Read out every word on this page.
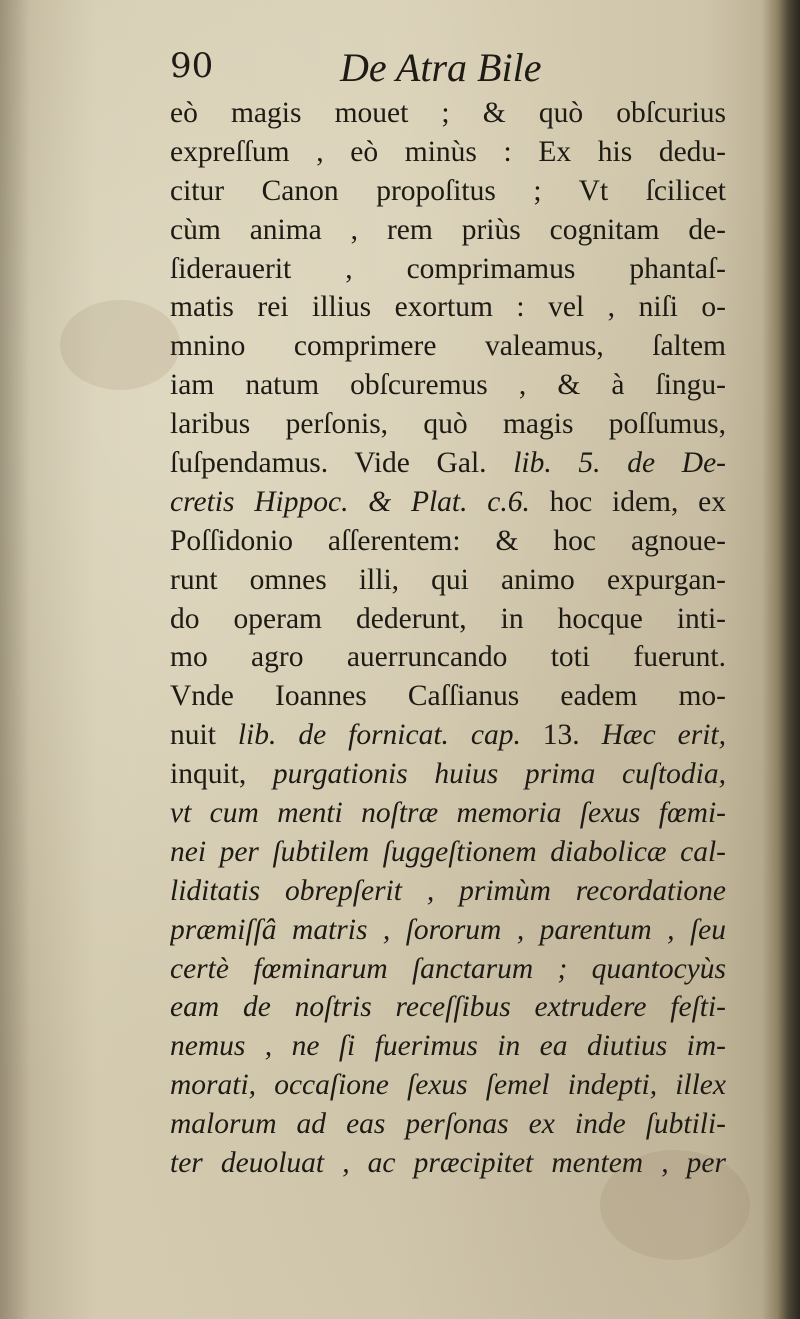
90	De Atra Bile
eò magis mouet ; & quò obſcurius
expreſſum , eò minùs : Ex his dedu-
citur Canon propoſitus ; Vt ſcilicet
cùm anima , rem priùs cognitam de-
ſiderauerit , comprimamus phantaſ-
matis rei illius exortum : vel , niſi o-
mnino comprimere valeamus, ſaltem
iam natum obſcuremus , & à ſingu-
laribus perſonis, quò magis poſſumus,
ſuſpendamus. Vide Gal. lib. 5. de De-
cretis Hippoc. & Plat. c.6. hoc idem, ex
Poſſidonio aſſerentem: & hoc agnoue-
runt omnes illi, qui animo expurgan-
do operam dederunt, in hocque inti-
mo agro auerruncando toti fuerunt.
Vnde Ioannes Caſſianus eadem mo-
nuit lib. de fornicat. cap. 13. Hæc erit,
inquit, purgationis huius prima cuſtodia,
vt cum menti noſtræ memoria ſexus fœmi-
nei per ſubtilem ſuggeſtionem diabolicæ cal-
liditatis obrepſerit , primùm recordatione
præmiſſâ matris , ſororum , parentum , ſeu
certè fœminarum ſanctarum ; quantocyùs
eam de noſtris receſſibus extrudere feſti-
nemus , ne ſi fuerimus in ea diutius im-
morati, occaſione ſexus ſemel indepti, illex
malorum ad eas perſonas ex inde ſubtili-
ter deuoluat , ac præcipitet mentem , per
